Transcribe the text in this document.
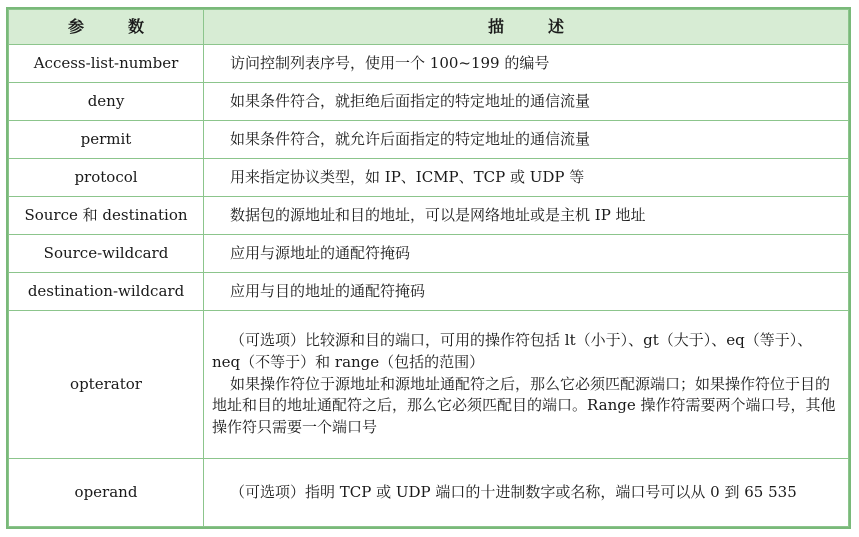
参　数	描　述
Access-list-number	访问控制列表序号，使用一个 100~199 的编号
deny	如果条件符合，就拒绝后面指定的特定地址的通信流量
permit	如果条件符合，就允许后面指定的特定地址的通信流量
protocol	用来指定协议类型，如 IP、ICMP、TCP 或 UDP 等
Source 和 destination	数据包的源地址和目的地址，可以是网络地址或是主机 IP 地址
Source-wildcard	应用与源地址的通配符掩码
destination-wildcard	应用与目的地址的通配符掩码
opterator	（可选项）比较源和目的端口，可用的操作符包括 lt（小于）、gt（大于）、eq（等于）、neq（不等于）和 range（包括的范围）
如果操作符位于源地址和源地址通配符之后，那么它必须匹配源端口；如果操作符位于目的地址和目的地址通配符之后，那么它必须匹配目的端口。Range 操作符需要两个端口号，其他操作符只需要一个端口号

operand	（可选项）指明 TCP 或 UDP 端口的十进制数字或名称，端口号可以从 0 到 65 535
